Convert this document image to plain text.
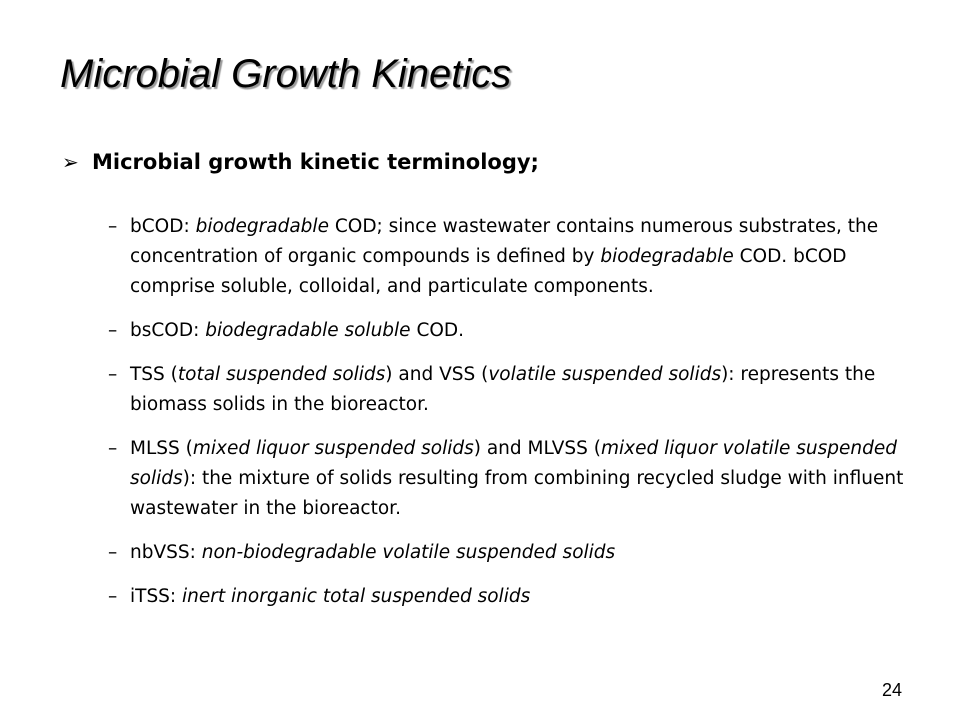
Microbial Growth Kinetics
➢ Microbial growth kinetic terminology;
– bCOD: biodegradable COD; since wastewater contains numerous substrates, the concentration of organic compounds is defined by biodegradable COD. bCOD comprise soluble, colloidal, and particulate components.
– bsCOD: biodegradable soluble COD.
– TSS (total suspended solids) and VSS (volatile suspended solids): represents the biomass solids in the bioreactor.
– MLSS (mixed liquor suspended solids) and MLVSS (mixed liquor volatile suspended solids): the mixture of solids resulting from combining recycled sludge with influent wastewater in the bioreactor.
– nbVSS: non-biodegradable volatile suspended solids
– iTSS: inert inorganic total suspended solids
24
